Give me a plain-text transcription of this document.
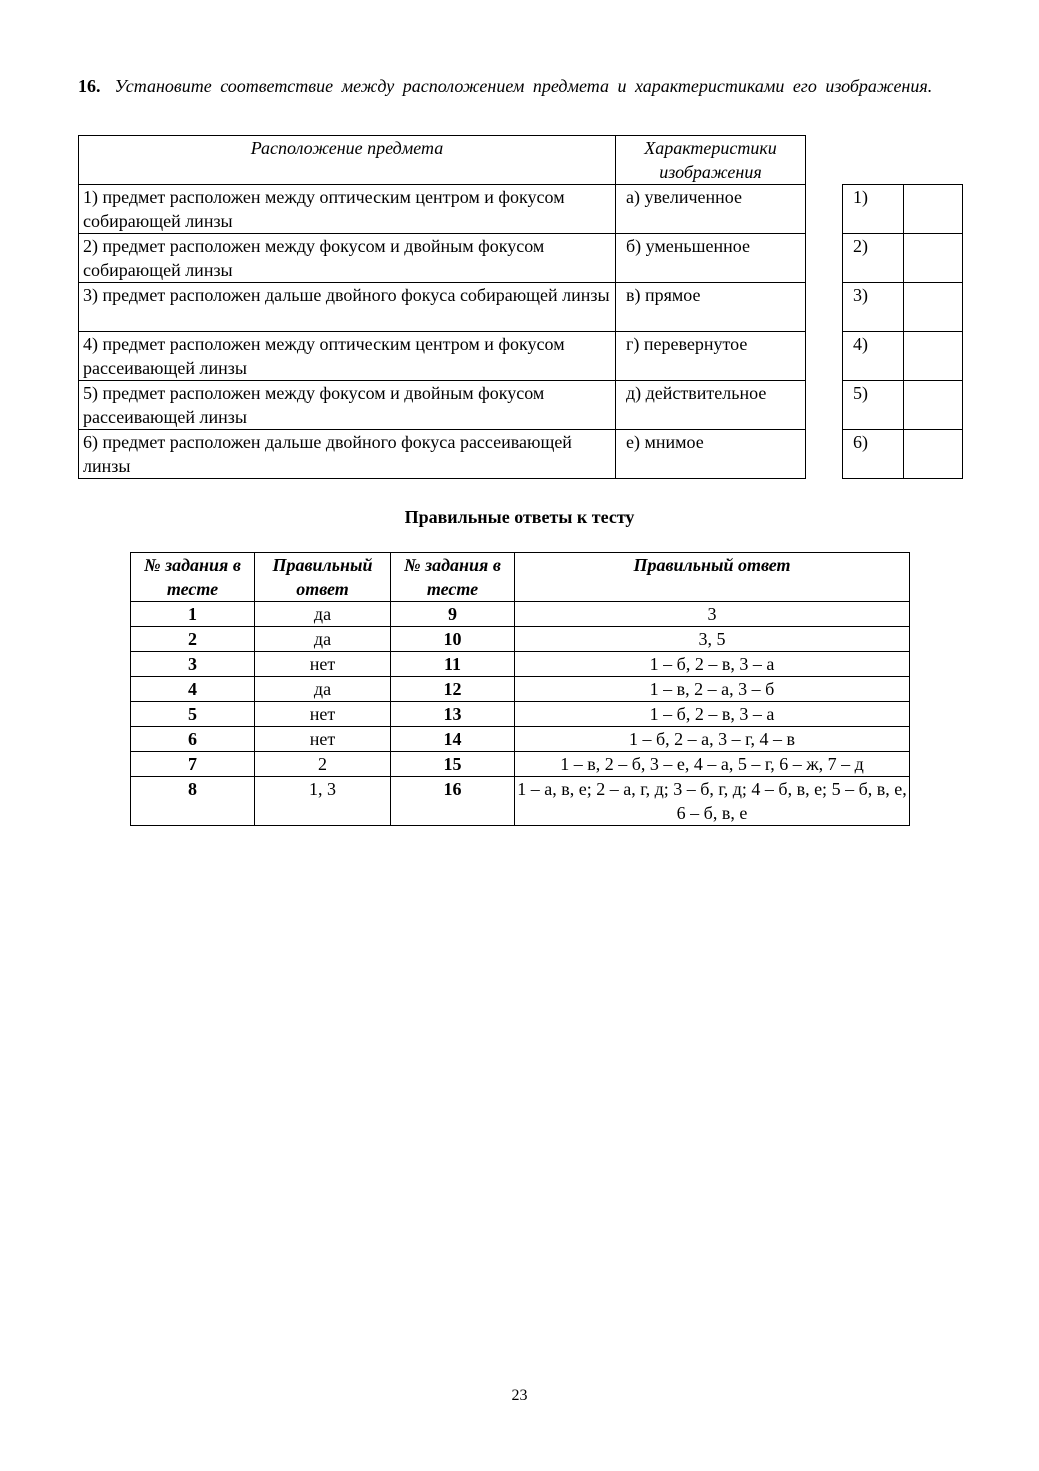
16. Установите соответствие между расположением предмета и характеристиками его изображения.
Расположение предмета	Характеристики изображения
1) предмет расположен между оптическим центром и фокусом собирающей линзы	а) увеличенное
2) предмет расположен между фокусом и двойным фокусом собирающей линзы	б) уменьшенное
3) предмет расположен дальше двойного фокуса собирающей линзы	в) прямое
4) предмет расположен между оптическим центром и фокусом рассеивающей линзы	г) перевернутое
5) предмет расположен между фокусом и двойным фокусом рассеивающей линзы	д) действительное
6) предмет расположен дальше двойного фокуса рассеивающей линзы	е) мнимое
1)	
2)	
3)	
4)	
5)	
6)	
Правильные ответы к тесту
№ задания в тесте	Правильный ответ	№ задания в тесте	Правильный ответ
1	да	9	3
2	да	10	3, 5
3	нет	11	1 – б, 2 – в, 3 – а
4	да	12	1 – в, 2 – а, 3 – б
5	нет	13	1 – б, 2 – в, 3 – а
6	нет	14	1 – б, 2 – а, 3 – г, 4 – в
7	2	15	1 – в, 2 – б, 3 – е, 4 – а, 5 – г, 6 – ж, 7 – д
8	1, 3	16	1 – а, в, е; 2 – а, г, д; 3 – б, г, д; 4 – б, в, е; 5 – б, в, е, 6 – б, в, е
23
